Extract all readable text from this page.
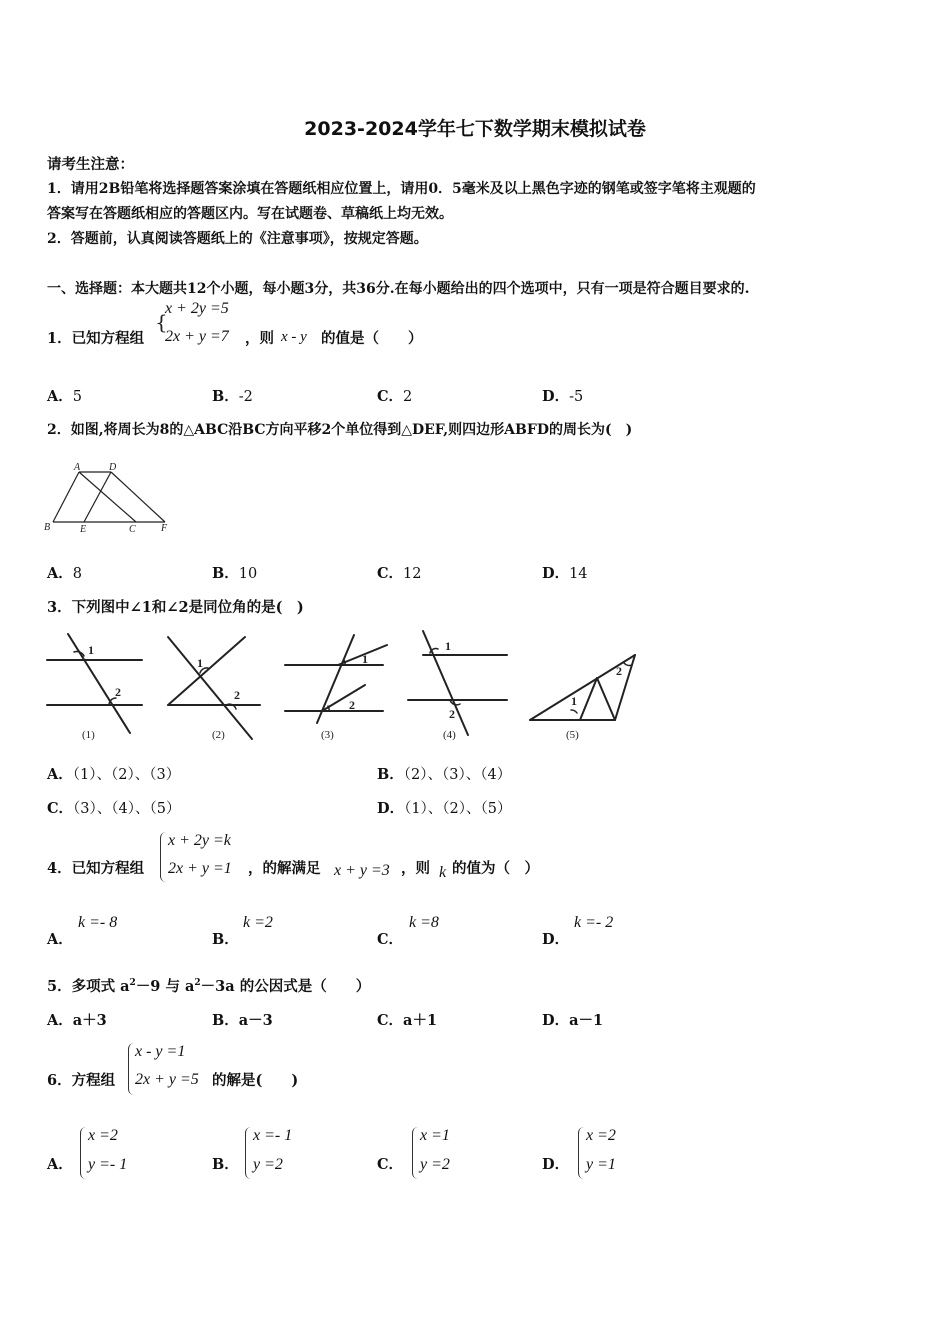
2023-2024学年七下数学期末模拟试卷
请考生注意：
1．请用2B铅笔将选择题答案涂填在答题纸相应位置上，请用0．5毫米及以上黑色字迹的钢笔或签字笔将主观题的
答案写在答题纸相应的答题区内。写在试题卷、草稿纸上均无效。
2．答题前，认真阅读答题纸上的《注意事项》，按规定答题。
一、选择题：本大题共12个小题，每小题3分，共36分.在每小题给出的四个选项中，只有一项是符合题目要求的.
1．已知方程组
{
x + 2y =5
2x + y =7 ，则 x - y 的值是（　　）
A．5	B．-2	C．2	D．-5
2．如图,将周长为8的△ABC沿BC方向平移2个单位得到△DEF,则四边形ABFD的周长为(　)
A	D
B	E	C	F
A．8	B．10	C．12	D．14
3．下列图中∠1和∠2是同位角的是(　)
1
2
1
2
1
2
1
2
1
2
(1)	(2)	(3)	(4)	(5)
A．（1）、（2）、（3）	B．（2）、（3）、（4）
C．（3）、（4）、（5）	D．（1）、（2）、（5）
4．已知方程组
x + 2y =k
2x + y =1 ，的解满足 x + y =3 ，则 k 的值为（　）
A．
k =- 8
B．
k =2
C．
k =8
D．
k =- 2
5．多项式 $a^2-9$ 与 $a^2-3a$ 的公因式是（　　）
A．a＋3	B．a－3	C．a＋1	D．a－1
6．方程组
x - y =1
2x + y =5 的解是(　　)
A．
x =2
y =- 1	B．
x =- 1
y =2	C．
x =1
y =2	D．
x =2
y =1
